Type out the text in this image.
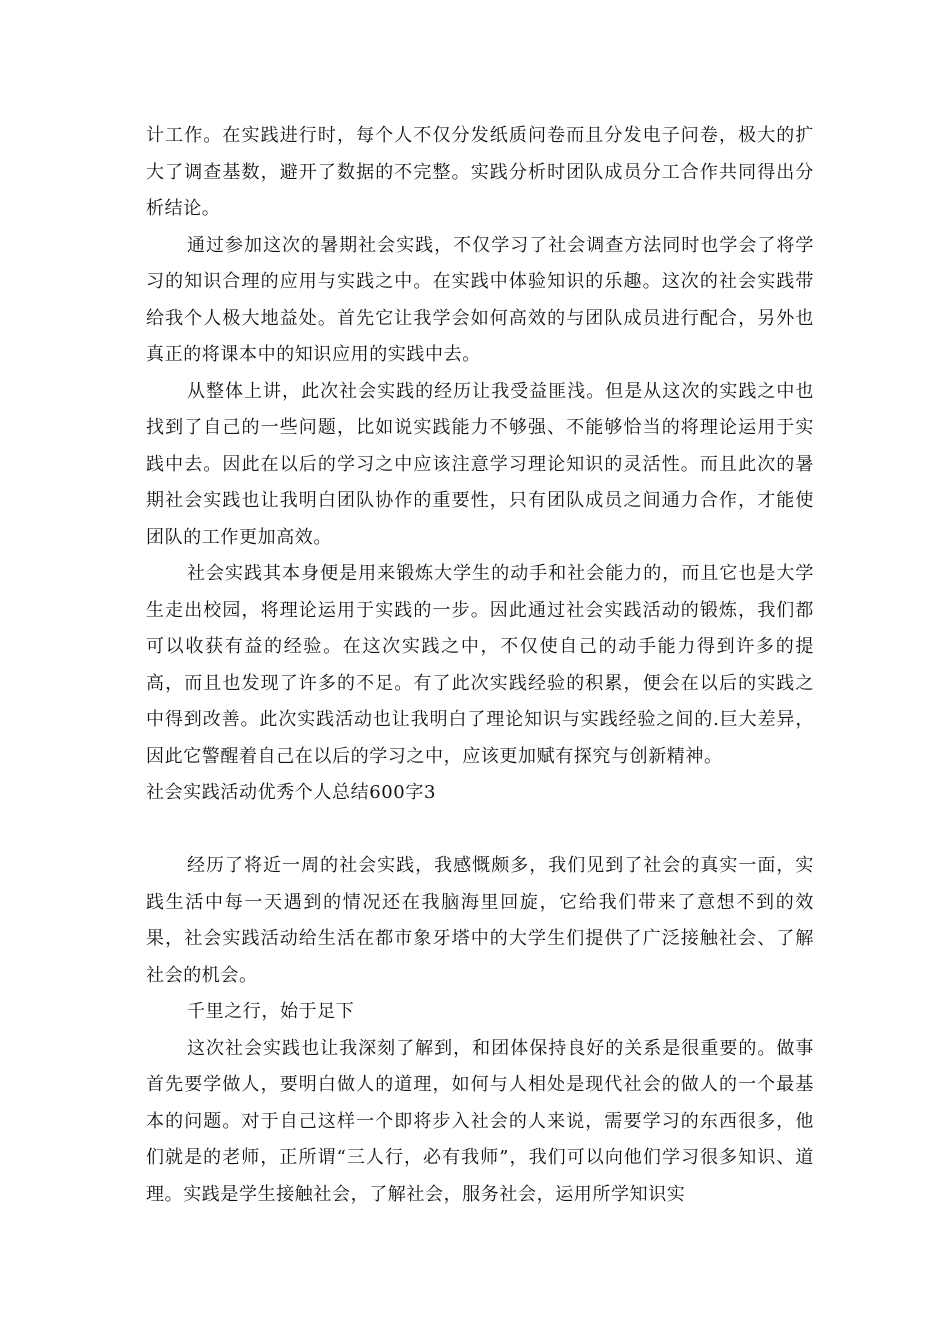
计工作。在实践进行时，每个人不仅分发纸质问卷而且分发电子问卷，极大的扩大了调查基数，避开了数据的不完整。实践分析时团队成员分工合作共同得出分析结论。

通过参加这次的暑期社会实践，不仅学习了社会调查方法同时也学会了将学习的知识合理的应用与实践之中。在实践中体验知识的乐趣。这次的社会实践带给我个人极大地益处。首先它让我学会如何高效的与团队成员进行配合，另外也真正的将课本中的知识应用的实践中去。

从整体上讲，此次社会实践的经历让我受益匪浅。但是从这次的实践之中也找到了自己的一些问题，比如说实践能力不够强、不能够恰当的将理论运用于实践中去。因此在以后的学习之中应该注意学习理论知识的灵活性。而且此次的暑期社会实践也让我明白团队协作的重要性，只有团队成员之间通力合作，才能使团队的工作更加高效。

社会实践其本身便是用来锻炼大学生的动手和社会能力的，而且它也是大学生走出校园，将理论运用于实践的一步。因此通过社会实践活动的锻炼，我们都可以收获有益的经验。在这次实践之中，不仅使自己的动手能力得到许多的提高，而且也发现了许多的不足。有了此次实践经验的积累，便会在以后的实践之中得到改善。此次实践活动也让我明白了理论知识与实践经验之间的.巨大差异，因此它警醒着自己在以后的学习之中，应该更加赋有探究与创新精神。

社会实践活动优秀个人总结600字3

经历了将近一周的社会实践，我感慨颇多，我们见到了社会的真实一面，实践生活中每一天遇到的情况还在我脑海里回旋，它给我们带来了意想不到的效果，社会实践活动给生活在都市象牙塔中的大学生们提供了广泛接触社会、了解社会的机会。

千里之行，始于足下

这次社会实践也让我深刻了解到，和团体保持良好的关系是很重要的。做事首先要学做人，要明白做人的道理，如何与人相处是现代社会的做人的一个最基本的问题。对于自己这样一个即将步入社会的人来说，需要学习的东西很多，他们就是的老师，正所谓“三人行，必有我师”，我们可以向他们学习很多知识、道理。实践是学生接触社会，了解社会，服务社会，运用所学知识实
